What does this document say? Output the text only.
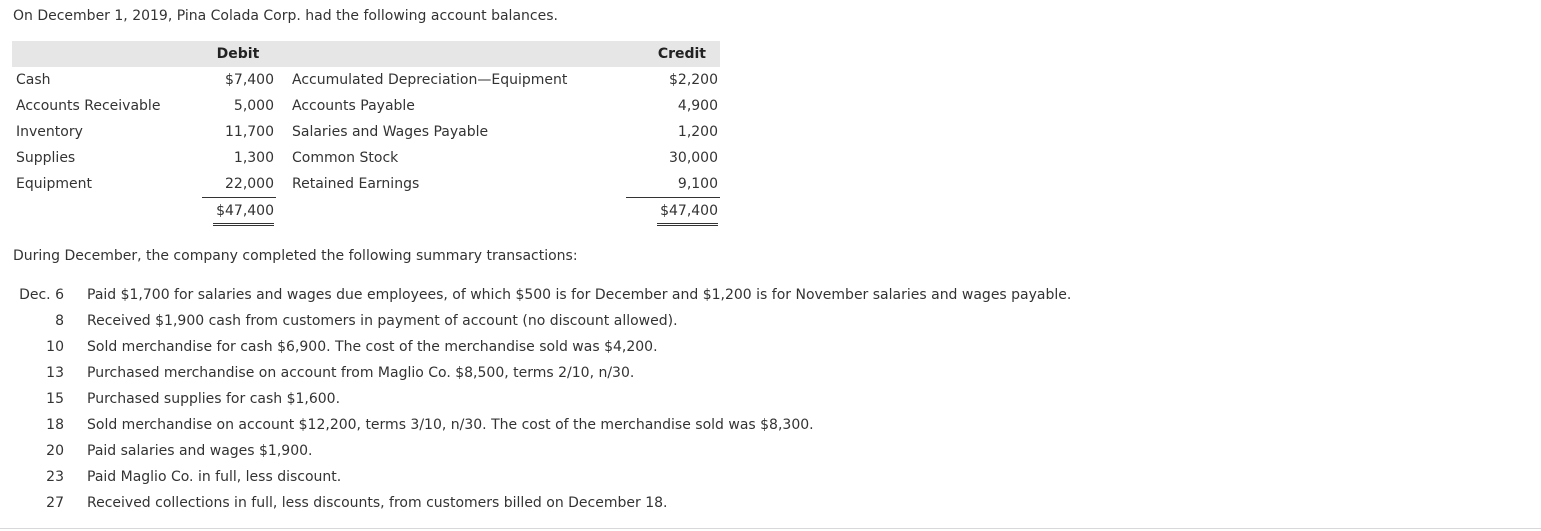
On December 1, 2019, Pina Colada Corp. had the following account balances.
	Debit			Credit
Cash	$7,400		Accumulated Depreciation—Equipment	$2,200
Accounts Receivable	5,000		Accounts Payable	4,900
Inventory	11,700		Salaries and Wages Payable	1,200
Supplies	1,300		Common Stock	30,000
Equipment	22,000		Retained Earnings	9,100
	$47,400			$47,400
During December, the company completed the following summary transactions:
Dec. 6	Paid $1,700 for salaries and wages due employees, of which $500 is for December and $1,200 is for November salaries and wages payable.
8	Received $1,900 cash from customers in payment of account (no discount allowed).
10	Sold merchandise for cash $6,900. The cost of the merchandise sold was $4,200.
13	Purchased merchandise on account from Maglio Co. $8,500, terms 2/10, n/30.
15	Purchased supplies for cash $1,600.
18	Sold merchandise on account $12,200, terms 3/10, n/30. The cost of the merchandise sold was $8,300.
20	Paid salaries and wages $1,900.
23	Paid Maglio Co. in full, less discount.
27	Received collections in full, less discounts, from customers billed on December 18.
